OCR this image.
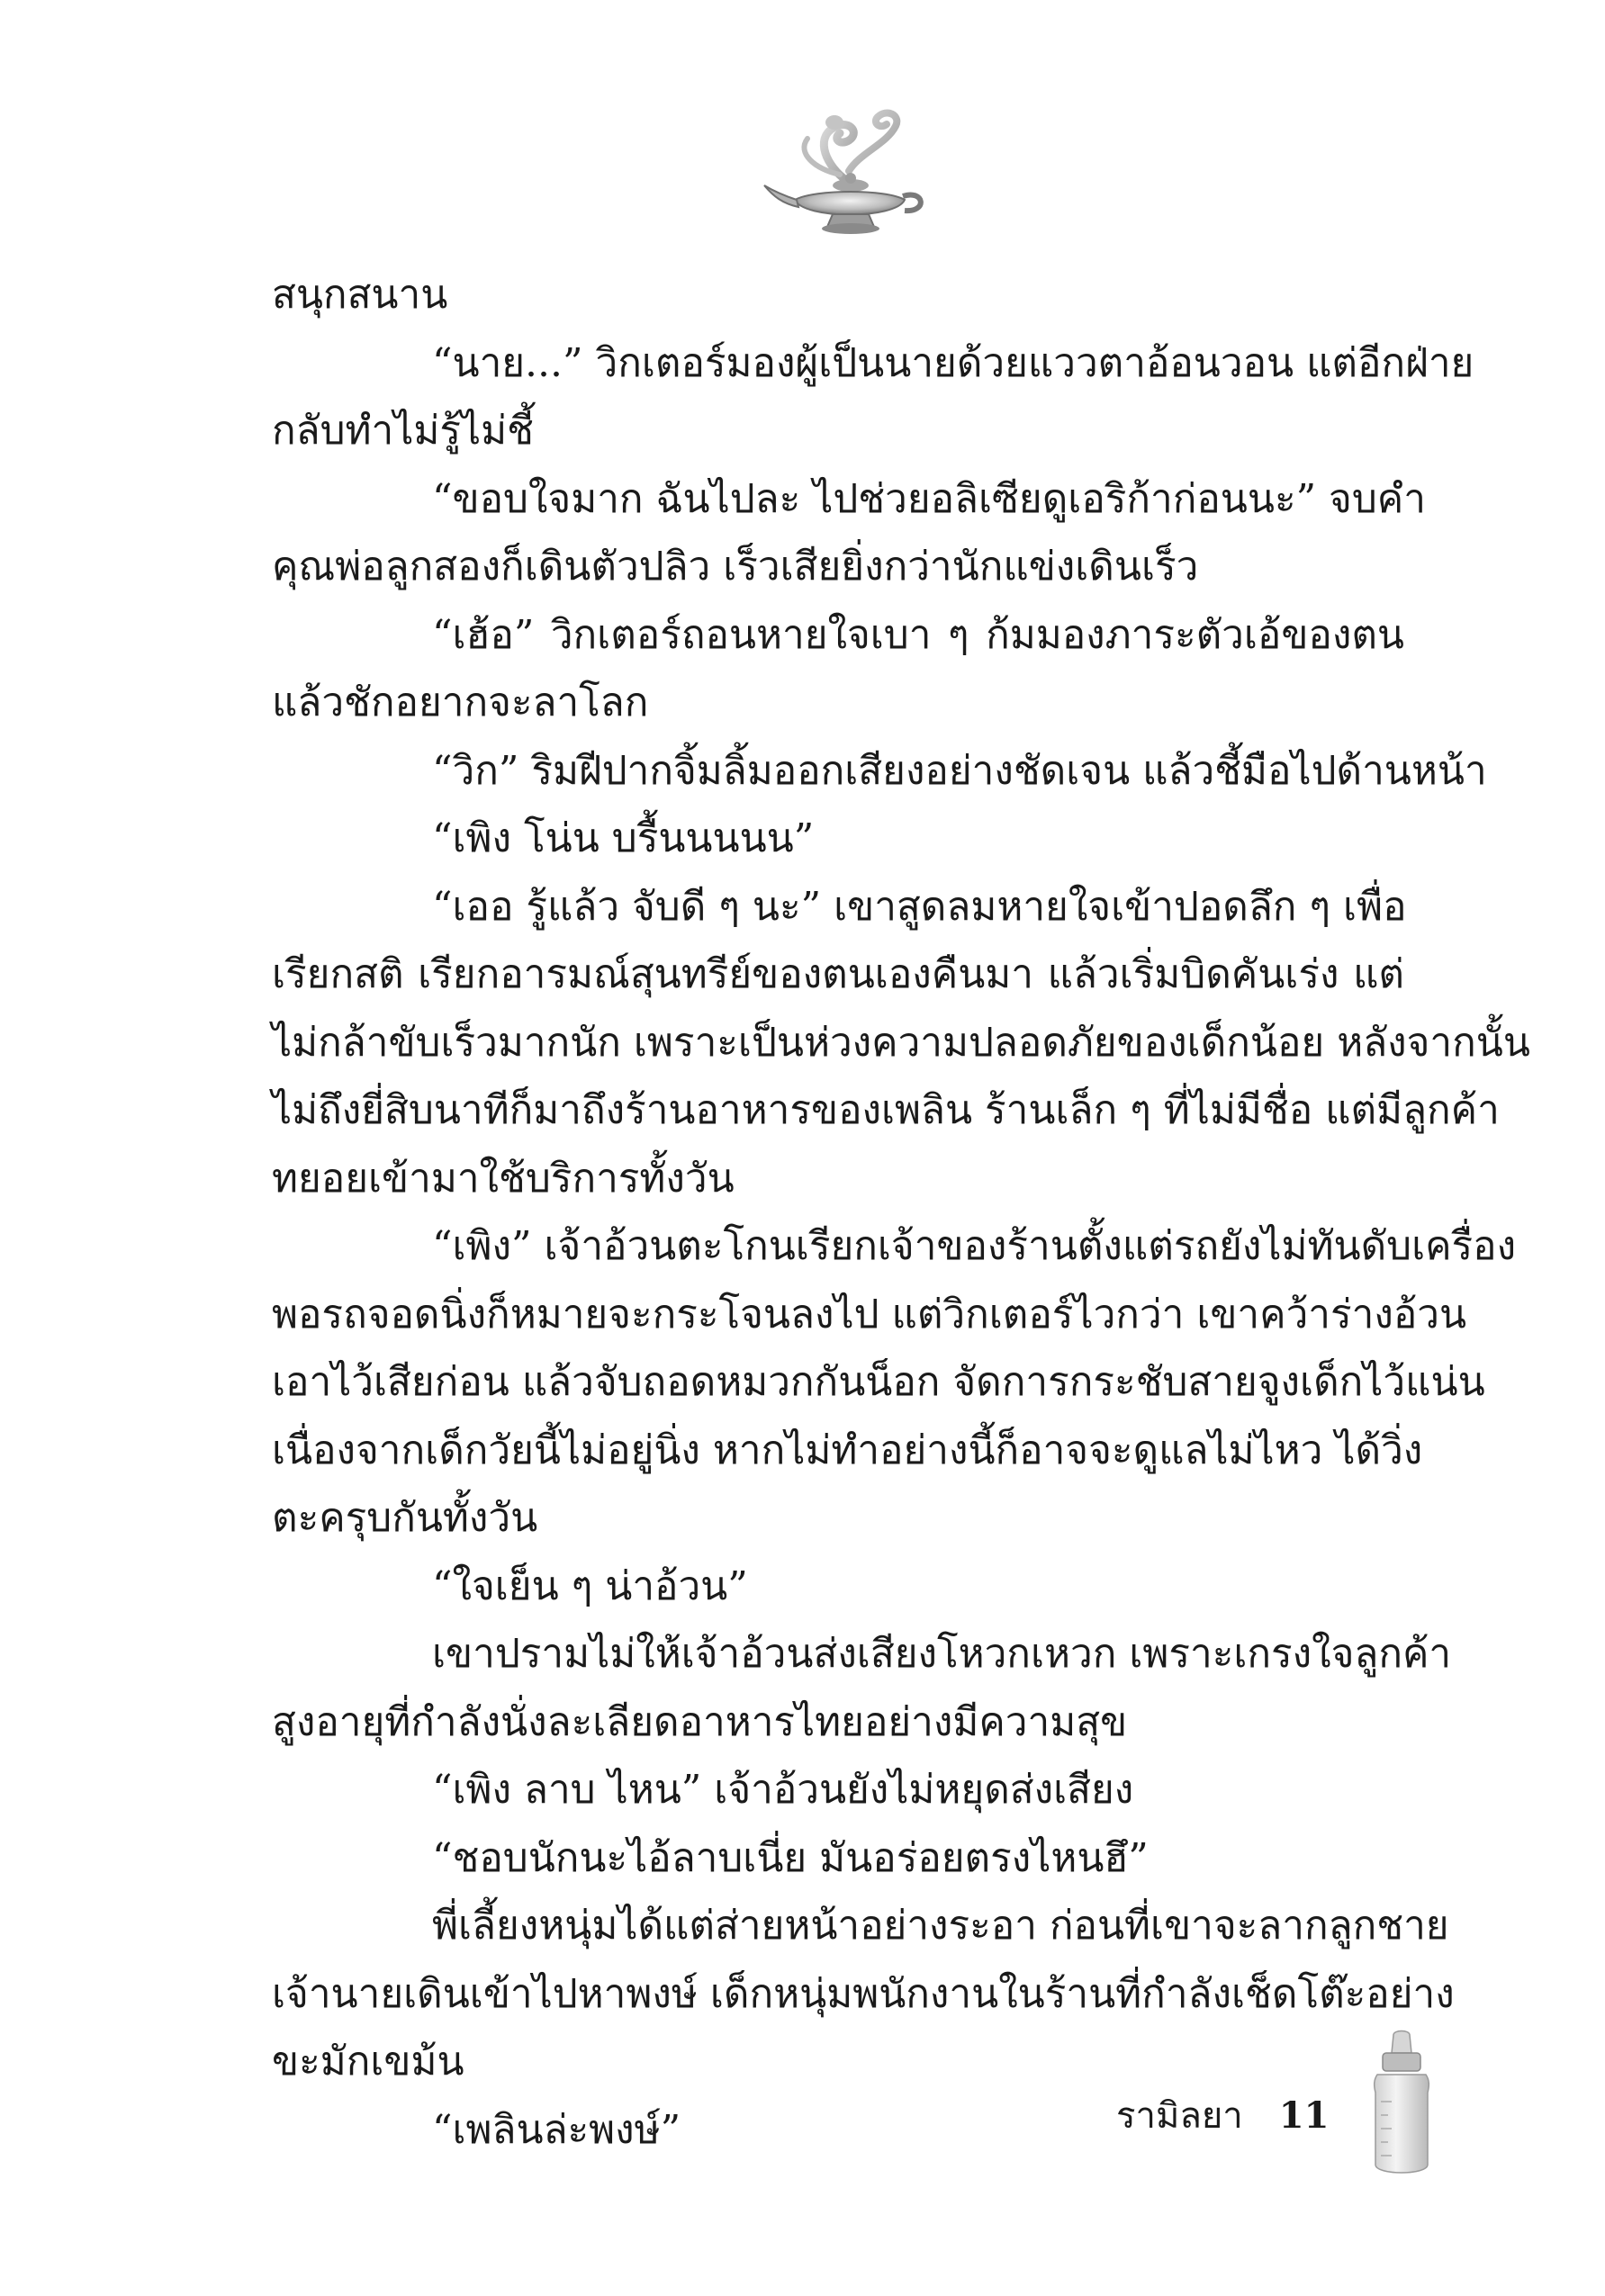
สนุกสนาน
“นาย...” วิกเตอร์มองผู้เป็นนายด้วยแววตาอ้อนวอน แต่อีกฝ่าย
กลับทำไม่รู้ไม่ชี้
“ขอบใจมาก ฉันไปละ ไปช่วยอลิเซียดูเอริก้าก่อนนะ” จบคำ
คุณพ่อลูกสองก็เดินตัวปลิว เร็วเสียยิ่งกว่านักแข่งเดินเร็ว
“เฮ้อ” วิกเตอร์ถอนหายใจเบา ๆ ก้มมองภาระตัวเอ้ของตน
แล้วชักอยากจะลาโลก
“วิก” ริมฝีปากจิ้มลิ้มออกเสียงอย่างชัดเจน แล้วชี้มือไปด้านหน้า
“เพิง โน่น บรื้นนนนน”
“เออ รู้แล้ว จับดี ๆ นะ” เขาสูดลมหายใจเข้าปอดลึก ๆ เพื่อ
เรียกสติ เรียกอารมณ์สุนทรีย์ของตนเองคืนมา แล้วเริ่มบิดคันเร่ง แต่
ไม่กล้าขับเร็วมากนัก เพราะเป็นห่วงความปลอดภัยของเด็กน้อย หลังจากนั้น
ไม่ถึงยี่สิบนาทีก็มาถึงร้านอาหารของเพลิน ร้านเล็ก ๆ ที่ไม่มีชื่อ แต่มีลูกค้า
ทยอยเข้ามาใช้บริการทั้งวัน
“เพิง” เจ้าอ้วนตะโกนเรียกเจ้าของร้านตั้งแต่รถยังไม่ทันดับเครื่อง
พอรถจอดนิ่งก็หมายจะกระโจนลงไป แต่วิกเตอร์ไวกว่า เขาคว้าร่างอ้วน
เอาไว้เสียก่อน แล้วจับถอดหมวกกันน็อก จัดการกระชับสายจูงเด็กไว้แน่น
เนื่องจากเด็กวัยนี้ไม่อยู่นิ่ง หากไม่ทำอย่างนี้ก็อาจจะดูแลไม่ไหว ได้วิ่ง
ตะครุบกันทั้งวัน
“ใจเย็น ๆ น่าอ้วน”
เขาปรามไม่ให้เจ้าอ้วนส่งเสียงโหวกเหวก เพราะเกรงใจลูกค้า
สูงอายุที่กำลังนั่งละเลียดอาหารไทยอย่างมีความสุข
“เพิง ลาบ ไหน” เจ้าอ้วนยังไม่หยุดส่งเสียง
“ชอบนักนะไอ้ลาบเนี่ย มันอร่อยตรงไหนฮึ”
พี่เลี้ยงหนุ่มได้แต่ส่ายหน้าอย่างระอา ก่อนที่เขาจะลากลูกชาย
เจ้านายเดินเข้าไปหาพงษ์ เด็กหนุ่มพนักงานในร้านที่กำลังเช็ดโต๊ะอย่าง
ขะมักเขม้น
“เพลินล่ะพงษ์”	รามิลยา 11
